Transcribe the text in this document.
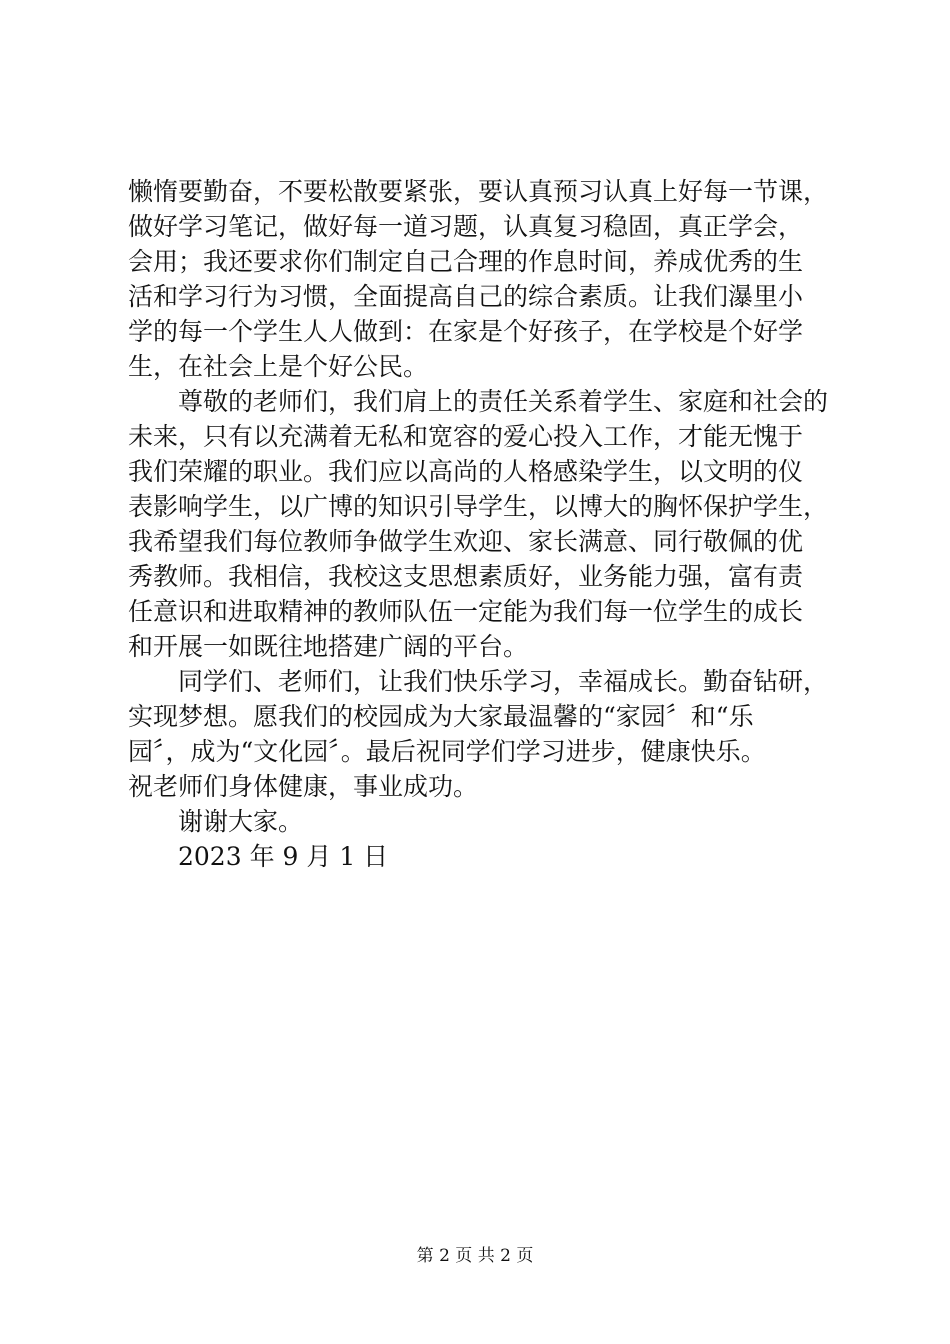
懒惰要勤奋，不要松散要紧张，要认真预习认真上好每一节课，
做好学习笔记，做好每一道习题，认真复习稳固，真正学会，
会用；我还要求你们制定自己合理的作息时间，养成优秀的生
活和学习行为习惯，全面提高自己的综合素质。让我们瀑里小
学的每一个学生人人做到：在家是个好孩子，在学校是个好学
生，在社会上是个好公民。
尊敬的老师们，我们肩上的责任关系着学生、家庭和社会的
未来，只有以充满着无私和宽容的爱心投入工作，才能无愧于
我们荣耀的职业。我们应以高尚的人格感染学生，以文明的仪
表影响学生，以广博的知识引导学生，以博大的胸怀保护学生，
我希望我们每位教师争做学生欢迎、家长满意、同行敬佩的优
秀教师。我相信，我校这支思想素质好，业务能力强，富有责
任意识和进取精神的教师队伍一定能为我们每一位学生的成长
和开展一如既往地搭建广阔的平台。
同学们、老师们，让我们快乐学习，幸福成长。勤奋钻研，
实现梦想。愿我们的校园成为大家最温馨的“家园〞和“乐
园〞，成为“文化园〞。最后祝同学们学习进步，健康快乐。
祝老师们身体健康，事业成功。
谢谢大家。
2023 年 9 月 1 日
第 2 页 共 2 页
